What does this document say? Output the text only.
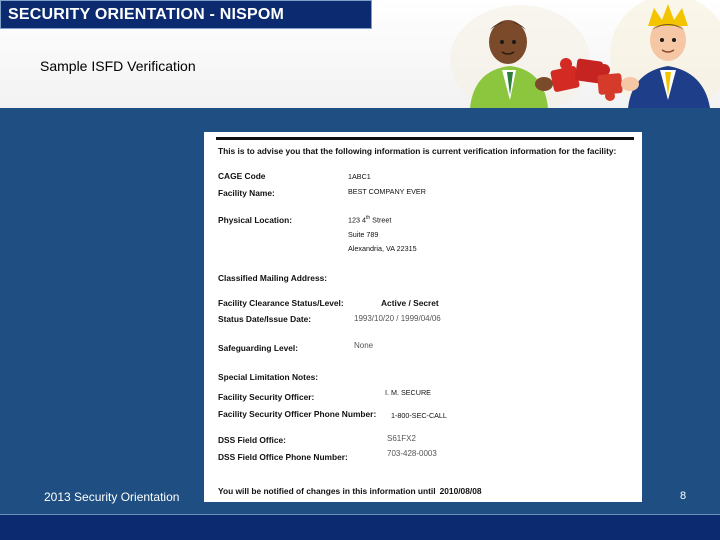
SECURITY ORIENTATION - NISPOM
Sample ISFD Verification
This is to advise you that the following information is current verification information for the facility:
CAGE Code	1ABC1
Facility Name:	BEST COMPANY EVER
Physical Location:	123 4th Street
Suite 789
Alexandria, VA 22315
Classified Mailing Address:
Facility Clearance Status/Level:	Active / Secret
Status Date/Issue Date:	1993/10/20 / 1999/04/06
Safeguarding Level:	None
Special Limitation Notes:
Facility Security Officer:	I. M. SECURE
Facility Security Officer Phone Number: 1-800-SEC-CALL
DSS Field Office:	S61FX2
DSS Field Office Phone Number:	703-428-0003
You will be notified of changes in this information until 2010/08/08
2013 Security Orientation	8
